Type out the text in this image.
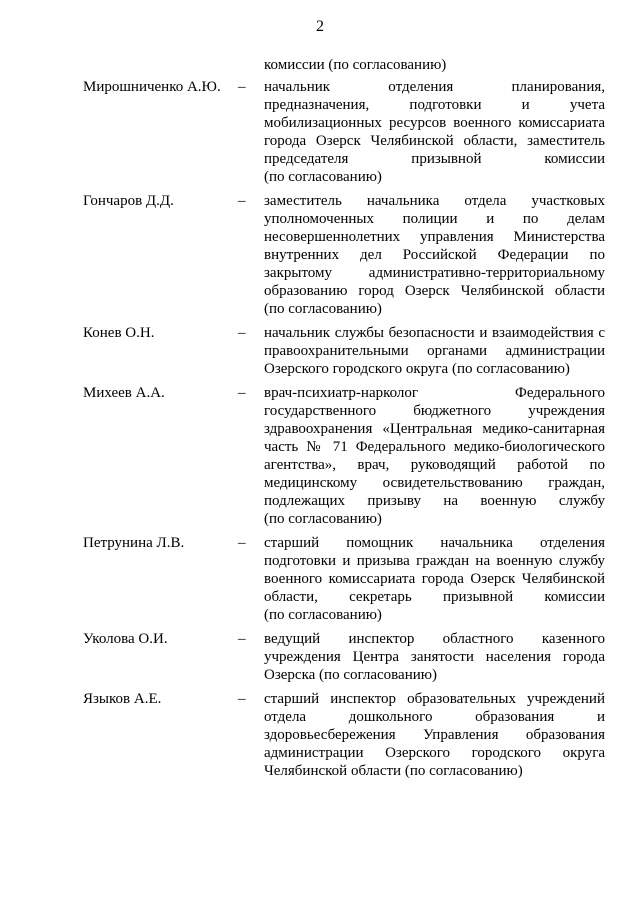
2
комиссии (по согласованию)
Мирошниченко А.Ю.	–	начальник отделения планирования,
предназначения, подготовки и учета
мобилизационных ресурсов военного комиссариата
города Озерск Челябинской области, заместитель
председателя призывной комиссии
(по согласованию)
Гончаров Д.Д.	–	заместитель начальника отдела участковых
уполномоченных полиции и по делам
несовершеннолетних управления Министерства
внутренних дел Российской Федерации по
закрытому административно-территориальному
образованию город Озерск Челябинской области
(по согласованию)
Конев О.Н.	–	начальник службы безопасности и взаимодействия с
правоохранительными органами администрации
Озерского городского округа (по согласованию)
Михеев А.А.	–	врач-психиатр-нарколог Федерального
государственного бюджетного учреждения
здравоохранения «Центральная медико-санитарная
часть № 71 Федерального медико-биологического
агентства», врач, руководящий работой по
медицинскому освидетельствованию граждан,
подлежащих призыву на военную службу
(по согласованию)
Петрунина Л.В.	–	старший помощник начальника отделения
подготовки и призыва граждан на военную службу
военного комиссариата города Озерск Челябинской
области, секретарь призывной комиссии
(по согласованию)
Уколова О.И.	–	ведущий инспектор областного казенного
учреждения Центра занятости населения города
Озерска (по согласованию)
Языков А.Е.	–	старший инспектор образовательных учреждений
отдела дошкольного образования и
здоровьесбережения Управления образования
администрации Озерского городского округа
Челябинской области (по согласованию)
